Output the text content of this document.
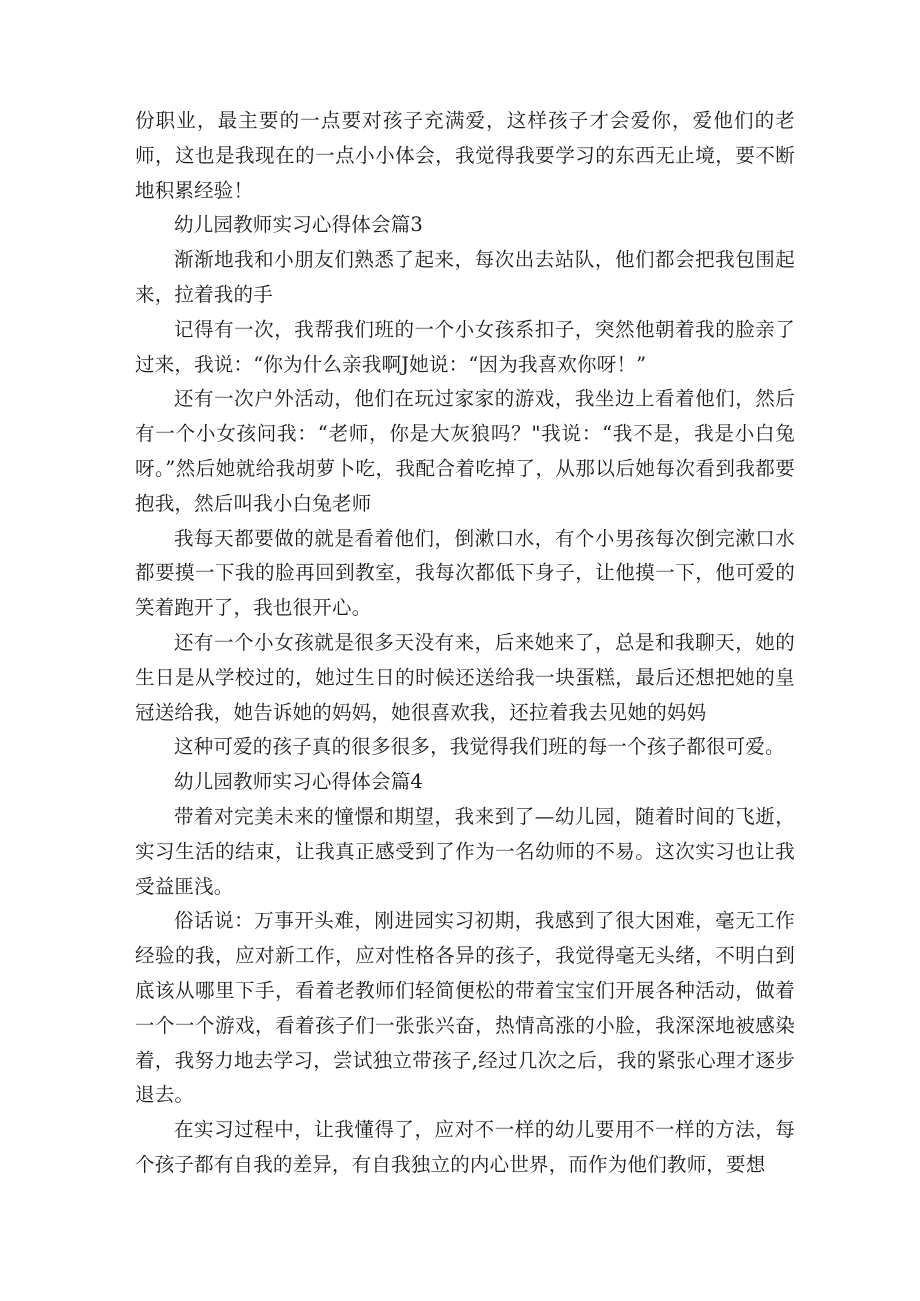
份职业，最主要的一点要对孩子充满爱，这样孩子才会爱你，爱他们的老师，这也是我现在的一点小小体会，我觉得我要学习的东西无止境，要不断地积累经验！

幼儿园教师实习心得体会篇3

渐渐地我和小朋友们熟悉了起来，每次出去站队，他们都会把我包围起来，拉着我的手

记得有一次，我帮我们班的一个小女孩系扣子，突然他朝着我的脸亲了过来，我说：“你为什么亲我啊J她说：“因为我喜欢你呀！”

还有一次户外活动，他们在玩过家家的游戏，我坐边上看着他们，然后有一个小女孩问我：“老师，你是大灰狼吗？"我说：“我不是，我是小白兔呀。”然后她就给我胡萝卜吃，我配合着吃掉了，从那以后她每次看到我都要抱我，然后叫我小白兔老师

我每天都要做的就是看着他们，倒漱口水，有个小男孩每次倒完漱口水都要摸一下我的脸再回到教室，我每次都低下身子，让他摸一下，他可爱的笑着跑开了，我也很开心。

还有一个小女孩就是很多天没有来，后来她来了，总是和我聊天，她的生日是从学校过的，她过生日的时候还送给我一块蛋糕，最后还想把她的皇冠送给我，她告诉她的妈妈，她很喜欢我，还拉着我去见她的妈妈

这种可爱的孩子真的很多很多，我觉得我们班的每一个孩子都很可爱。

幼儿园教师实习心得体会篇4

带着对完美未来的憧憬和期望，我来到了—幼儿园，随着时间的飞逝，实习生活的结束，让我真正感受到了作为一名幼师的不易。这次实习也让我受益匪浅。

俗话说：万事开头难，刚进园实习初期，我感到了很大困难，毫无工作经验的我，应对新工作，应对性格各异的孩子，我觉得毫无头绪，不明白到底该从哪里下手，看着老教师们轻简便松的带着宝宝们开展各种活动，做着一个一个游戏，看着孩子们一张张兴奋，热情高涨的小脸，我深深地被感染着，我努力地去学习，尝试独立带孩子,经过几次之后，我的紧张心理才逐步退去。

在实习过程中，让我懂得了，应对不一样的幼儿要用不一样的方法，每个孩子都有自我的差异，有自我独立的内心世界，而作为他们教师，要想
